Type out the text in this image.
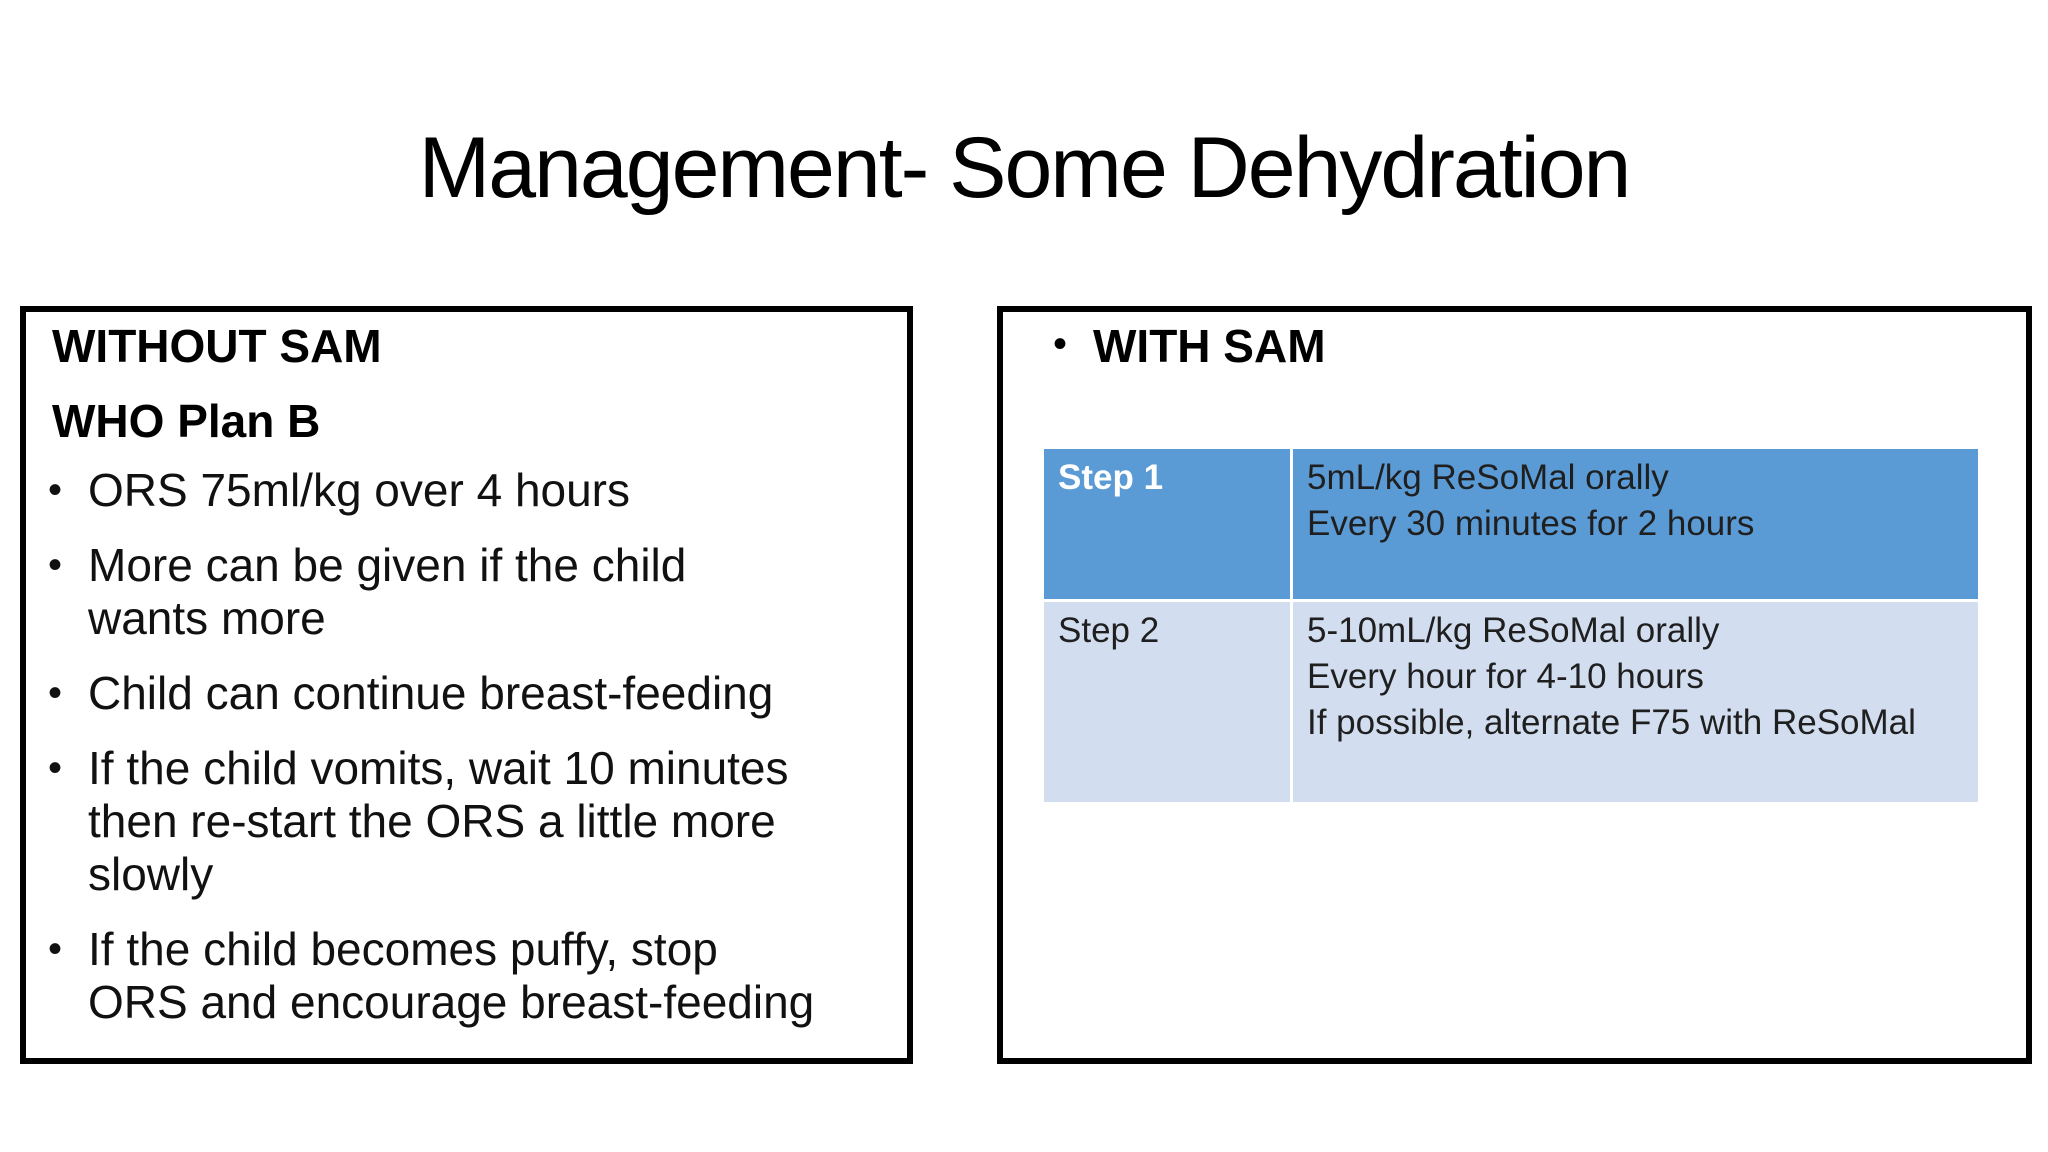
Management- Some Dehydration

WITHOUT SAM

WHO Plan B

• ORS 75ml/kg over 4 hours
• More can be given if the child
wants more
• Child can continue breast-feeding
• If the child vomits, wait 10 minutes
then re-start the ORS a little more
slowly
• If the child becomes puffy, stop
ORS and encourage breast-feeding

• WITH SAM

Step 1	5mL/kg ReSoMal orally
Every 30 minutes for 2 hours

Step 2	5-10mL/kg ReSoMal orally
Every hour for 4-10 hours
If possible, alternate F75 with ReSoMal
